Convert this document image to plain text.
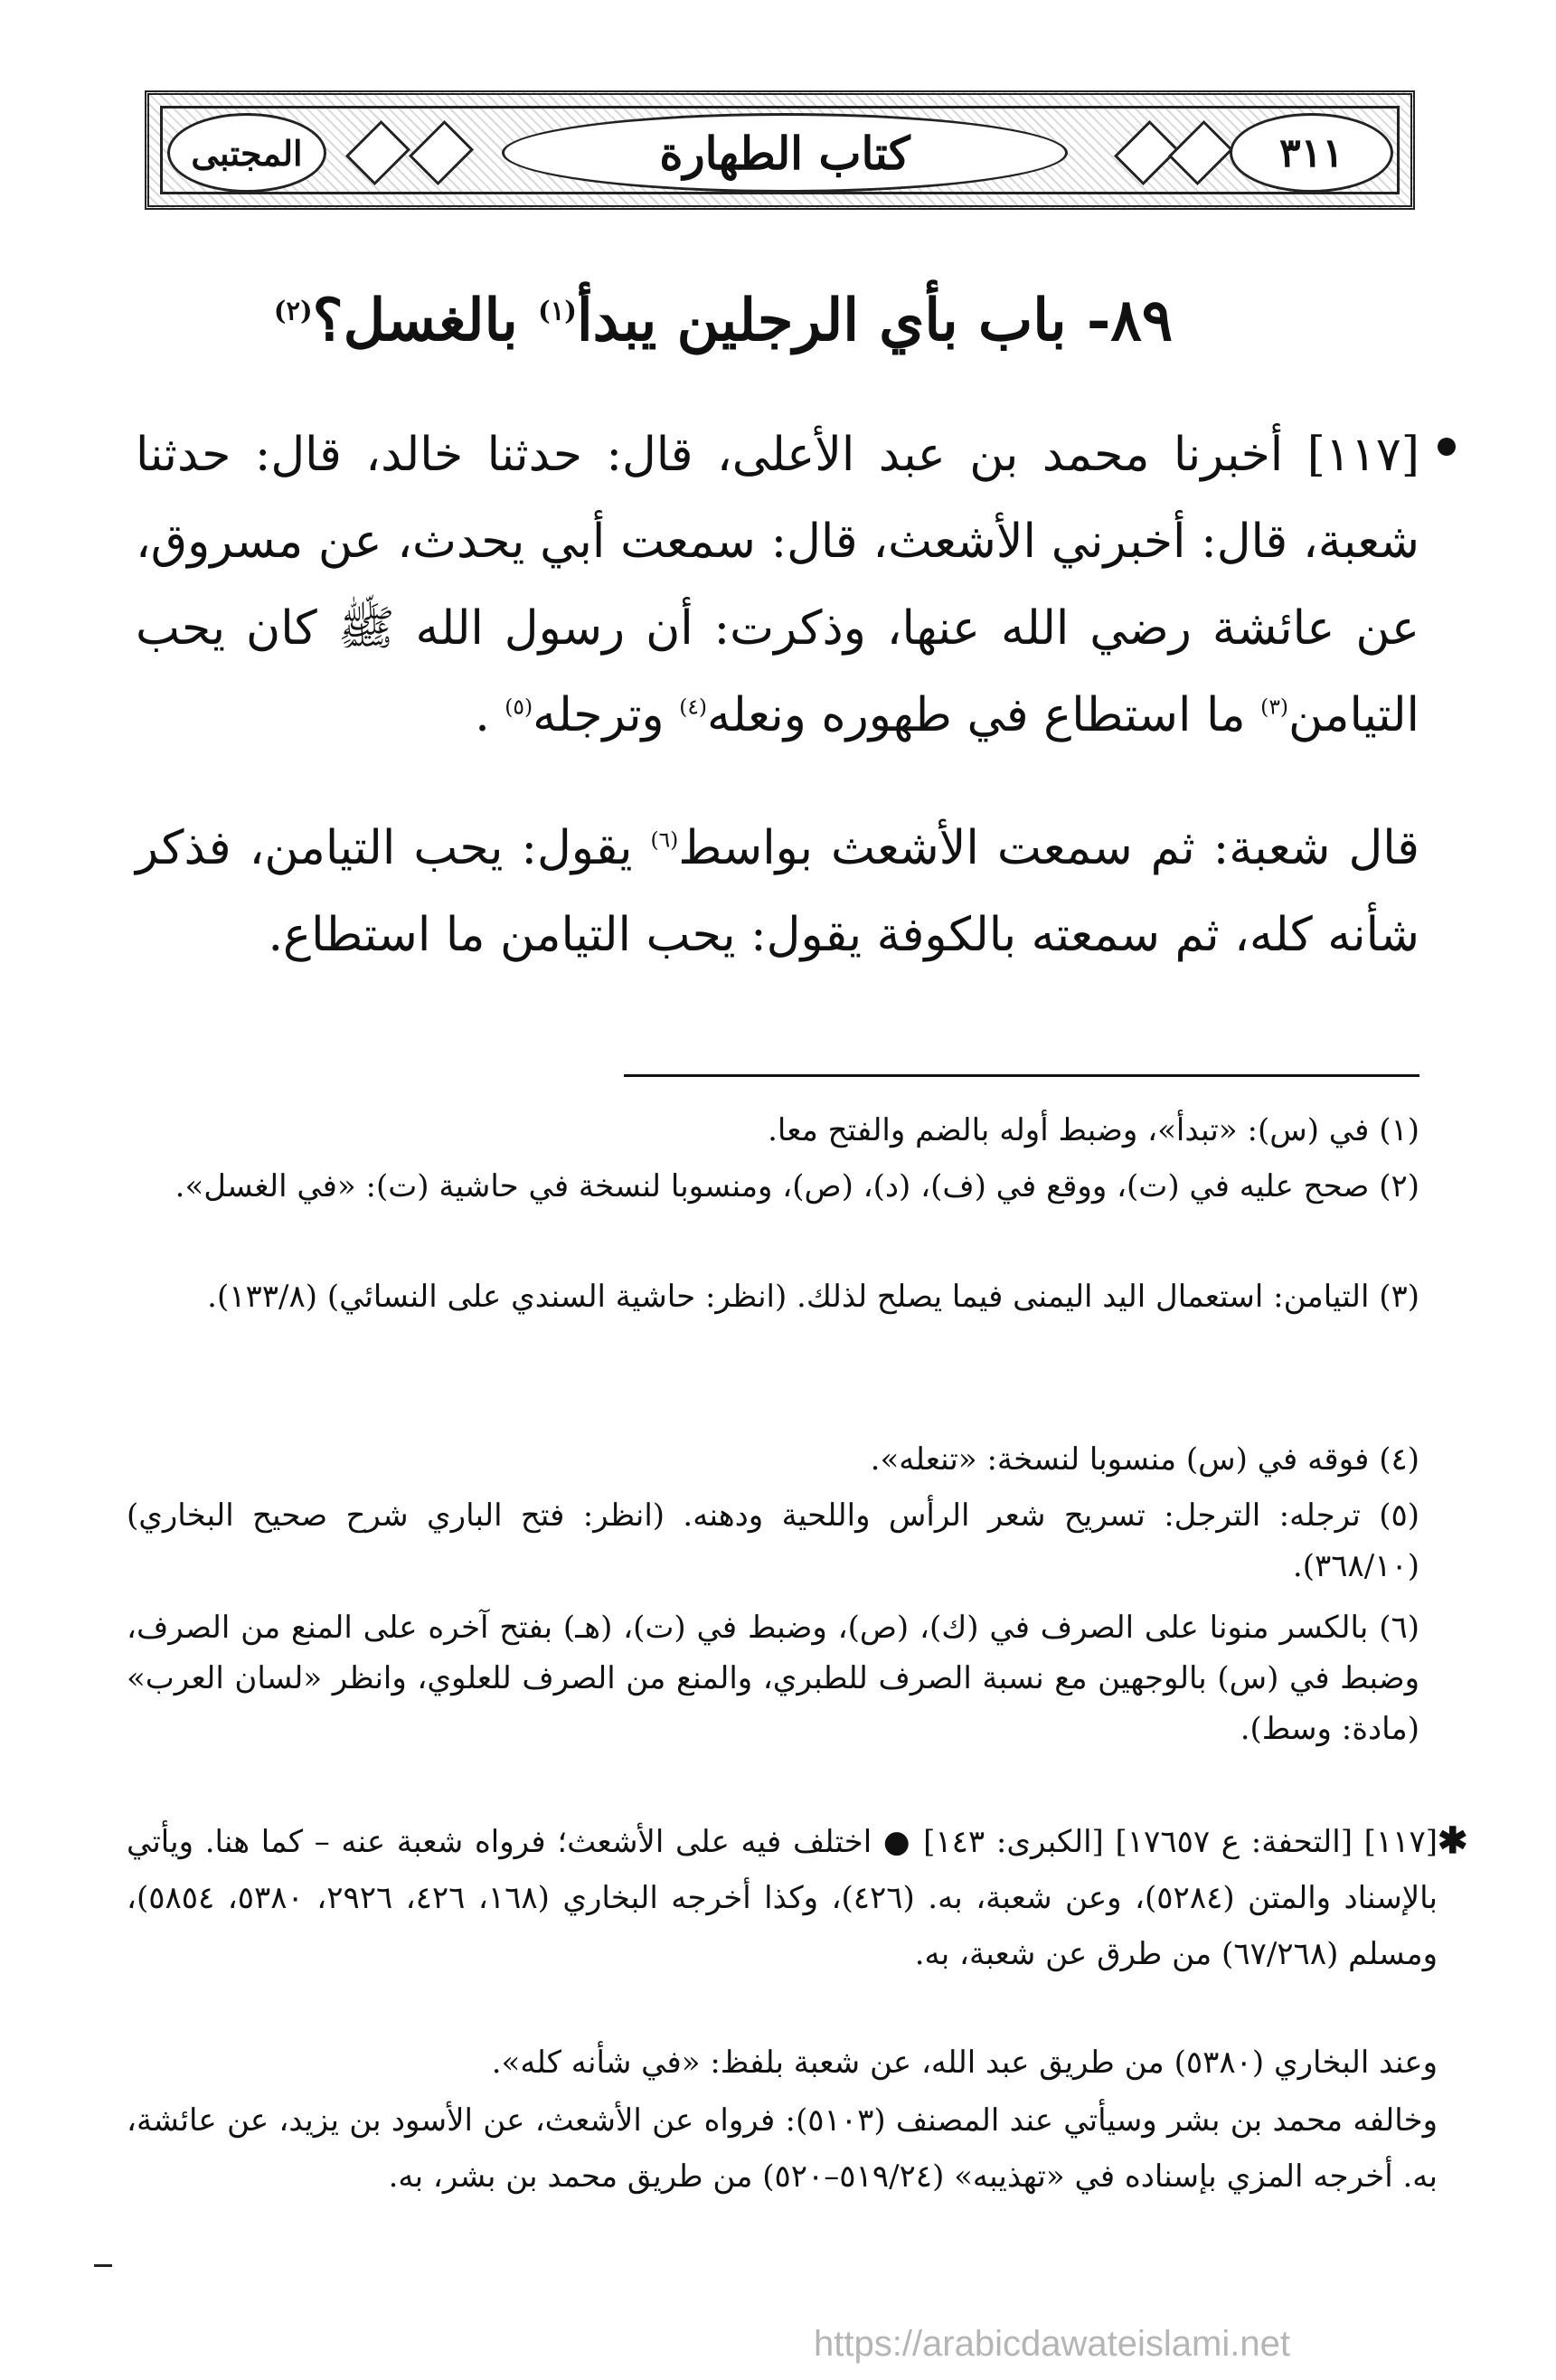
المجتبى	كتاب الطهارة	٣١١
٨٩- باب بأي الرجلين يبدأ$^{(١)}$ بالغسل؟$^{(٢)}$

[١١٧] أخبرنا محمد بن عبد الأعلى، قال: حدثنا خالد، قال: حدثنا شعبة، قال: أخبرني الأشعث، قال: سمعت أبي يحدث، عن مسروق، عن عائشة رضي الله عنها، وذكرت: أن رسول الله ﷺ كان يحب التيامن$^{(٣)}$ ما استطاع في طهوره ونعله$^{(٤)}$ وترجله$^{(٥)}$ .

قال شعبة: ثم سمعت الأشعث بواسط$^{(٦)}$ يقول: يحب التيامن، فذكر شأنه كله، ثم سمعته بالكوفة يقول: يحب التيامن ما استطاع.

(١) في (س): «تبدأ»، وضبط أوله بالضم والفتح معا.

(٢) صحح عليه في (ت)، ووقع في (ف)، (د)، (ص)، ومنسوبا لنسخة في حاشية (ت): «في الغسل».

(٣) التيامن: استعمال اليد اليمنى فيما يصلح لذلك. (انظر: حاشية السندي على النسائي) (١٣٣/٨).

(٤) فوقه في (س) منسوبا لنسخة: «تنعله».

(٥) ترجله: الترجل: تسريح شعر الرأس واللحية ودهنه. (انظر: فتح الباري شرح صحيح البخاري) (٣٦٨/١٠).

(٦) بالكسر منونا على الصرف في (ك)، (ص)، وضبط في (ت)، (هـ) بفتح آخره على المنع من الصرف، وضبط في (س) بالوجهين مع نسبة الصرف للطبري، والمنع من الصرف للعلوي، وانظر «لسان العرب» (مادة: وسط).

✱

[١١٧] [التحفة: ع ١٧٦٥٧] [الكبرى: ١٤٣] ● اختلف فيه على الأشعث؛ فرواه شعبة عنه – كما هنا. ويأتي بالإسناد والمتن (٥٢٨٤)، وعن شعبة، به. (٤٢٦)، وكذا أخرجه البخاري (١٦٨، ٤٢٦، ٢٩٢٦، ٥٣٨٠، ٥٨٥٤)، ومسلم (٦٧/٢٦٨) من طرق عن شعبة، به.

وعند البخاري (٥٣٨٠) من طريق عبد الله، عن شعبة بلفظ: «في شأنه كله».

وخالفه محمد بن بشر وسيأتي عند المصنف (٥١٠٣): فرواه عن الأشعث، عن الأسود بن يزيد، عن عائشة، به. أخرجه المزي بإسناده في «تهذيبه» (٥١٩/٢٤–٥٢٠) من طريق محمد بن بشر، به.

https://arabicdawateislami.net
